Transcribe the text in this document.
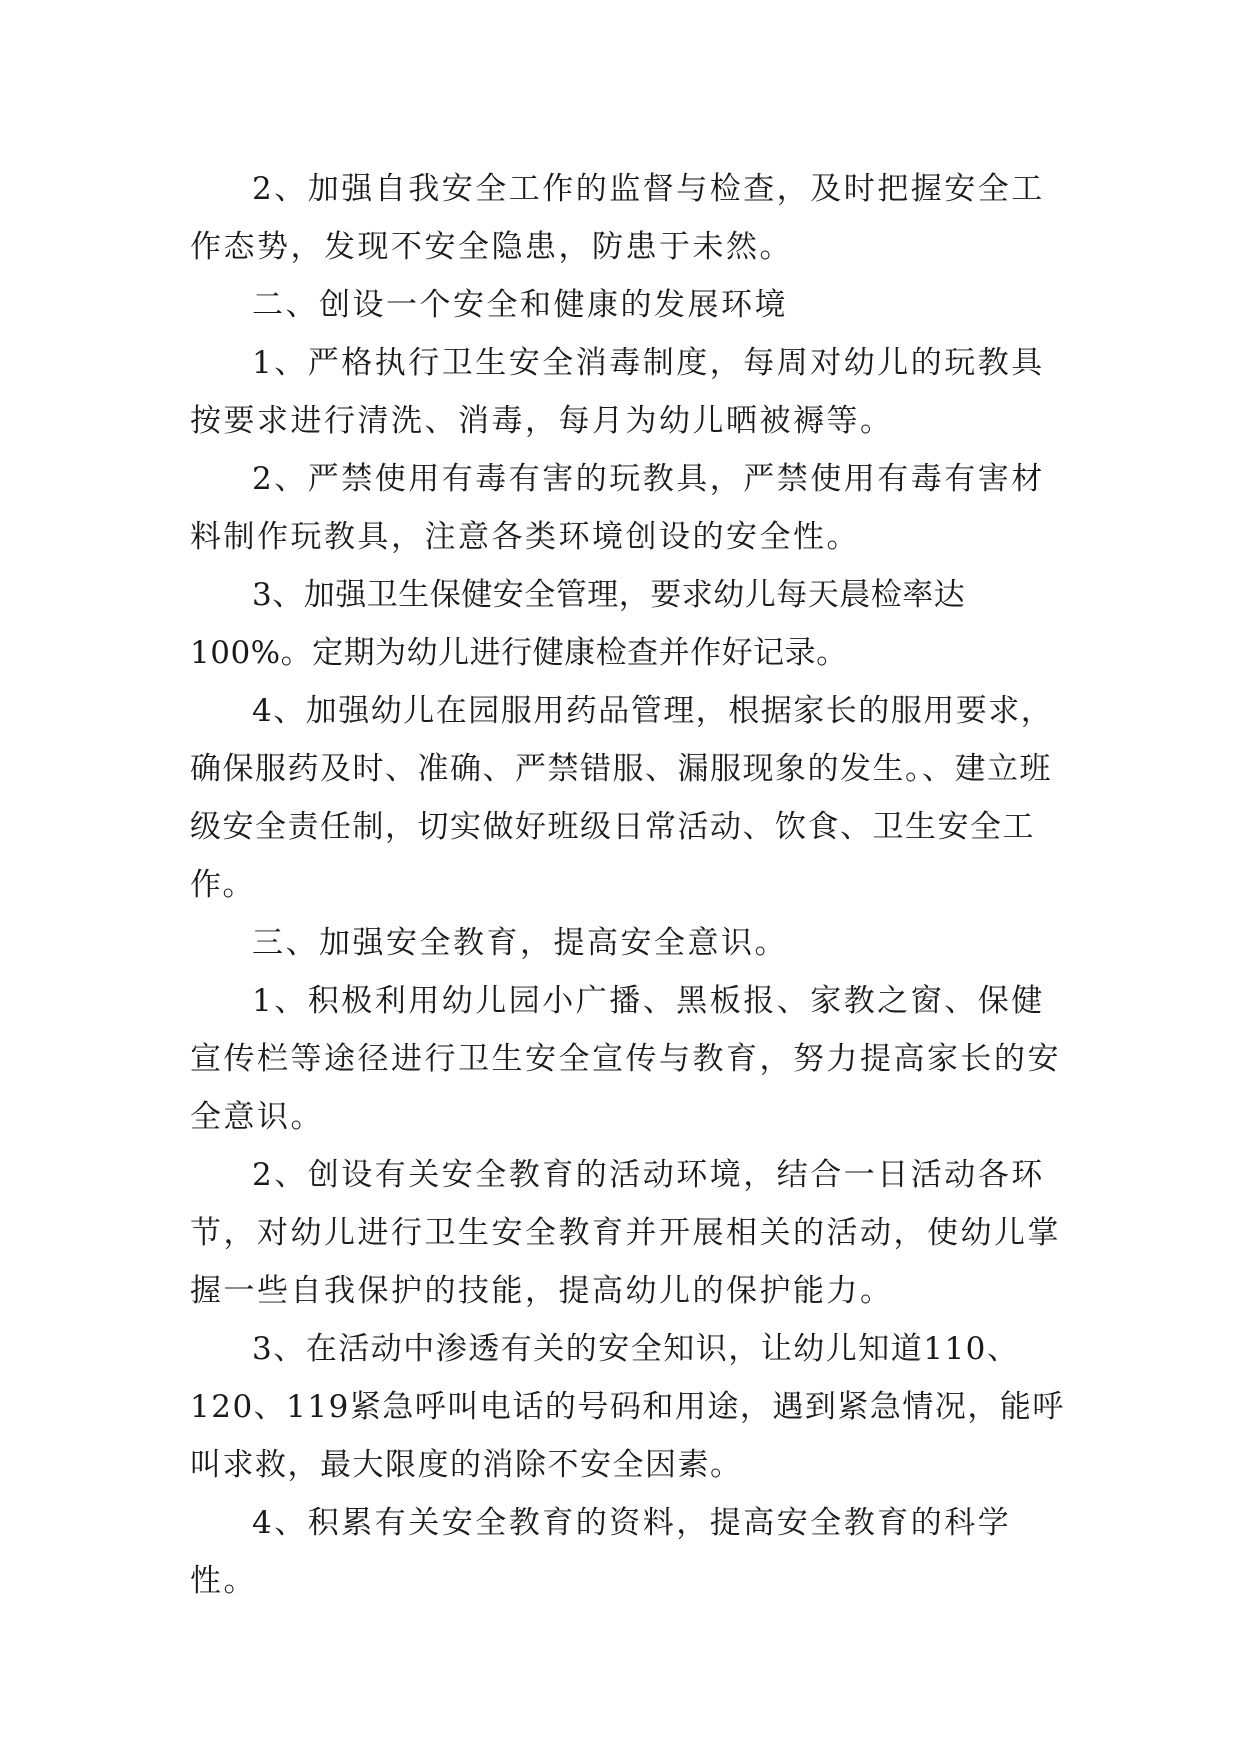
2、加强自我安全工作的监督与检查，及时把握安全工作态势，发现不安全隐患，防患于未然。

二、创设一个安全和健康的发展环境

1、严格执行卫生安全消毒制度，每周对幼儿的玩教具按要求进行清洗、消毒，每月为幼儿晒被褥等。

2、严禁使用有毒有害的玩教具，严禁使用有毒有害材料制作玩教具，注意各类环境创设的安全性。

3、加强卫生保健安全管理，要求幼儿每天晨检率达100%。定期为幼儿进行健康检查并作好记录。

4、加强幼儿在园服用药品管理，根据家长的服用要求，确保服药及时、准确、严禁错服、漏服现象的发生。、建立班级安全责任制，切实做好班级日常活动、饮食、卫生安全工作。

三、加强安全教育，提高安全意识。

1、积极利用幼儿园小广播、黑板报、家教之窗、保健宣传栏等途径进行卫生安全宣传与教育，努力提高家长的安全意识。

2、创设有关安全教育的活动环境，结合一日活动各环节，对幼儿进行卫生安全教育并开展相关的活动，使幼儿掌握一些自我保护的技能，提高幼儿的保护能力。

3、在活动中渗透有关的安全知识，让幼儿知道110、120、119紧急呼叫电话的号码和用途，遇到紧急情况，能呼叫求救，最大限度的消除不安全因素。

4、积累有关安全教育的资料，提高安全教育的科学性。
